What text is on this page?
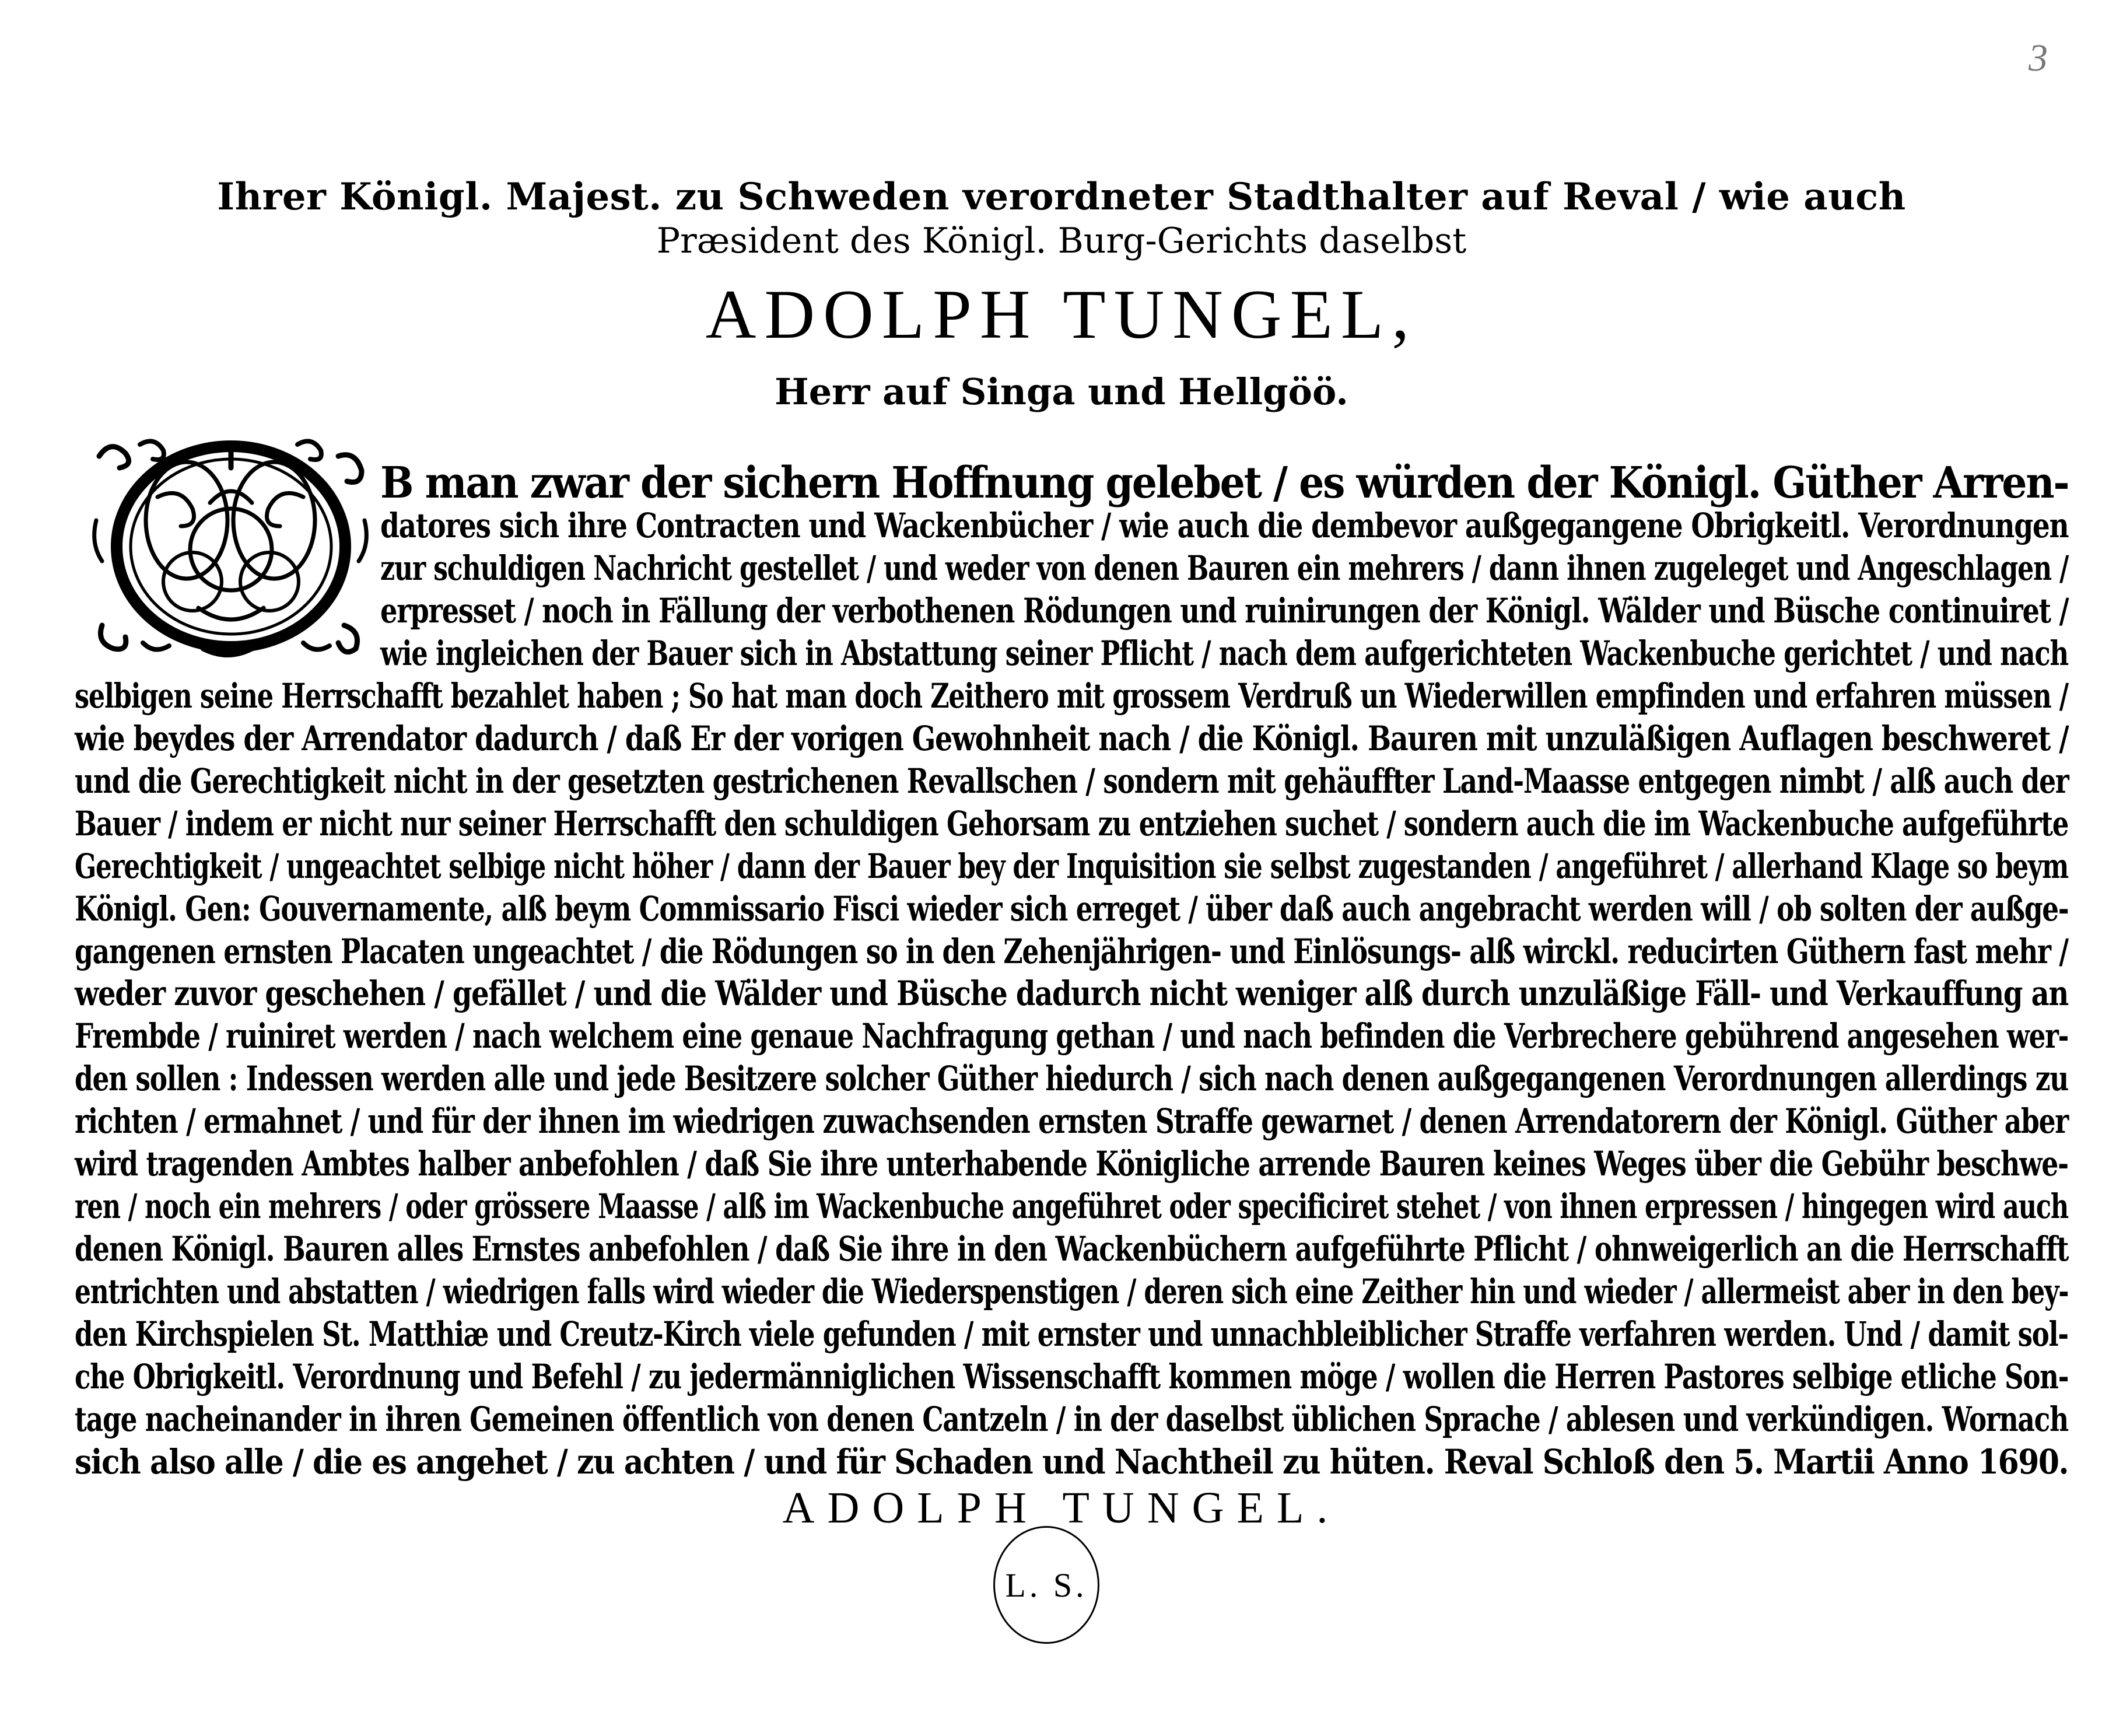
3
Ihrer Königl. Majest. zu Schweden verordneter Stadthalter auf Reval / wie auch
Præsident des Königl. Burg-Gerichts daselbst
ADOLPH TUNGEL,
Herr auf Singa und Hellgöö.
B man zwar der sichern Hoffnung gelebet / es würden der Königl. Güther Arren-
datores sich ihre Contracten und Wackenbücher / wie auch die dembevor außgegangene Obrigkeitl. Verordnungen
zur schuldigen Nachricht gestellet / und weder von denen Bauren ein mehrers / dann ihnen zugeleget und Angeschlagen /
erpresset / noch in Fällung der verbothenen Rödungen und ruinirungen der Königl. Wälder und Büsche continuiret /
wie ingleichen der Bauer sich in Abstattung seiner Pflicht / nach dem aufgerichteten Wackenbuche gerichtet / und nach
selbigen seine Herrschafft bezahlet haben ; So hat man doch Zeithero mit grossem Verdruß un Wiederwillen empfinden und erfahren müssen /
wie beydes der Arrendator dadurch / daß Er der vorigen Gewohnheit nach / die Königl. Bauren mit unzuläßigen Auflagen beschweret /
und die Gerechtigkeit nicht in der gesetzten gestrichenen Revallschen / sondern mit gehäuffter Land-Maasse entgegen nimbt / alß auch der
Bauer / indem er nicht nur seiner Herrschafft den schuldigen Gehorsam zu entziehen suchet / sondern auch die im Wackenbuche aufgeführte
Gerechtigkeit / ungeachtet selbige nicht höher / dann der Bauer bey der Inquisition sie selbst zugestanden / angeführet / allerhand Klage so beym
Königl. Gen: Gouvernamente, alß beym Commissario Fisci wieder sich erreget / über daß auch angebracht werden will / ob solten der außge-
gangenen ernsten Placaten ungeachtet / die Rödungen so in den Zehenjährigen- und Einlösungs- alß wirckl. reducirten Güthern fast mehr /
weder zuvor geschehen / gefället / und die Wälder und Büsche dadurch nicht weniger alß durch unzuläßige Fäll- und Verkauffung an
Frembde / ruiniret werden / nach welchem eine genaue Nachfragung gethan / und nach befinden die Verbrechere gebührend angesehen wer-
den sollen : Indessen werden alle und jede Besitzere solcher Güther hiedurch / sich nach denen außgegangenen Verordnungen allerdings zu
richten / ermahnet / und für der ihnen im wiedrigen zuwachsenden ernsten Straffe gewarnet / denen Arrendatorern der Königl. Güther aber
wird tragenden Ambtes halber anbefohlen / daß Sie ihre unterhabende Königliche arrende Bauren keines Weges über die Gebühr beschwe-
ren / noch ein mehrers / oder grössere Maasse / alß im Wackenbuche angeführet oder specificiret stehet / von ihnen erpressen / hingegen wird auch
denen Königl. Bauren alles Ernstes anbefohlen / daß Sie ihre in den Wackenbüchern aufgeführte Pflicht / ohnweigerlich an die Herrschafft
entrichten und abstatten / wiedrigen falls wird wieder die Wiederspenstigen / deren sich eine Zeither hin und wieder / allermeist aber in den bey-
den Kirchspielen St. Matthiæ und Creutz-Kirch viele gefunden / mit ernster und unnachbleiblicher Straffe verfahren werden. Und / damit sol-
che Obrigkeitl. Verordnung und Befehl / zu jedermänniglichen Wissenschafft kommen möge / wollen die Herren Pastores selbige etliche Son-
tage nacheinander in ihren Gemeinen öffentlich von denen Cantzeln / in der daselbst üblichen Sprache / ablesen und verkündigen. Wornach
sich also alle / die es angehet / zu achten / und für Schaden und Nachtheil zu hüten. Reval Schloß den 5. Martii Anno 1690.
ADOLPH TUNGEL.
L. S.
